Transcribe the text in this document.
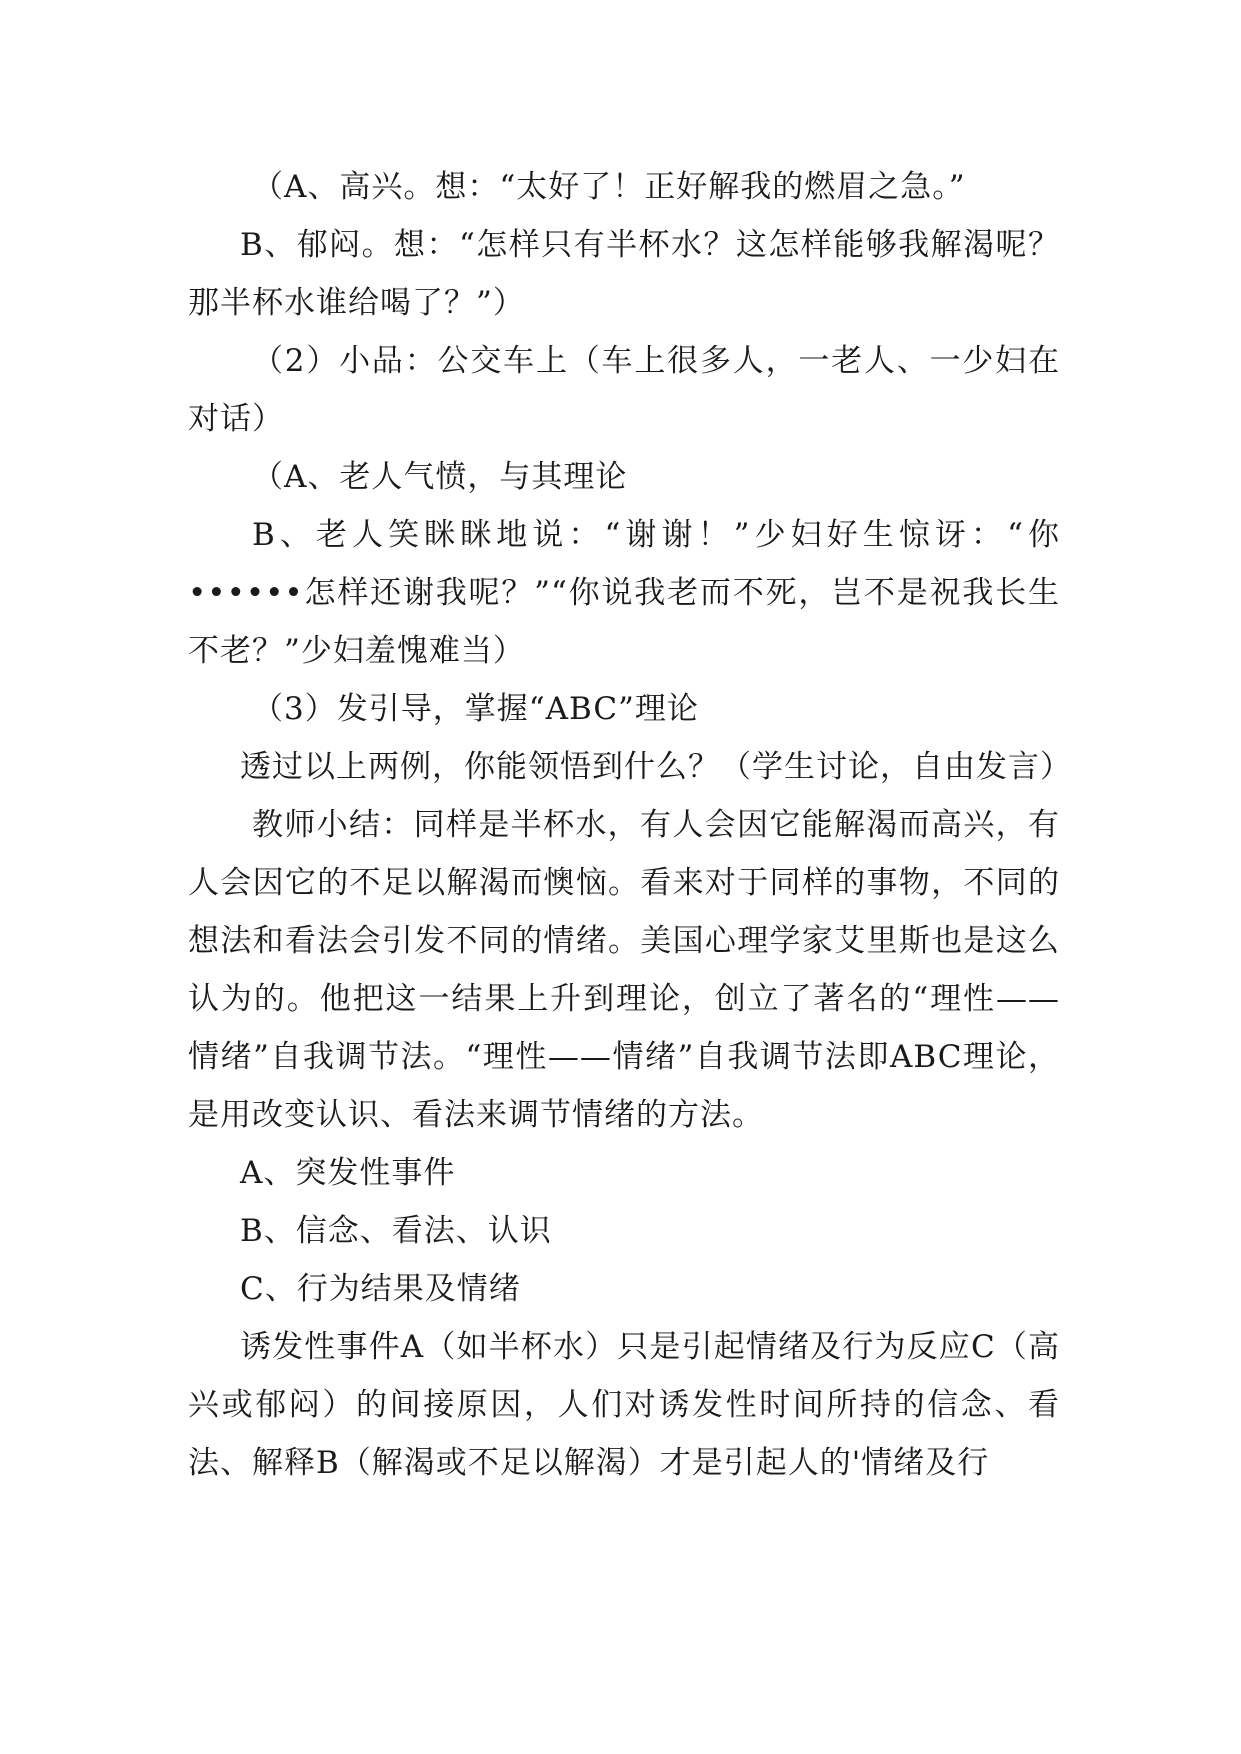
（A、高兴。想：“太好了！正好解我的燃眉之急。”

B、郁闷。想：“怎样只有半杯水？这怎样能够我解渴呢？那半杯水谁给喝了？”）

（2）小品：公交车上（车上很多人，一老人、一少妇在对话）

（A、老人气愤，与其理论

B、老人笑眯眯地说：“谢谢！”少妇好生惊讶：“你••••••怎样还谢我呢？”“你说我老而不死，岂不是祝我长生不老？”少妇羞愧难当）

（3）发引导，掌握“ABC”理论

透过以上两例，你能领悟到什么？（学生讨论，自由发言）

教师小结：同样是半杯水，有人会因它能解渴而高兴，有人会因它的不足以解渴而懊恼。看来对于同样的事物，不同的想法和看法会引发不同的情绪。美国心理学家艾里斯也是这么认为的。他把这一结果上升到理论，创立了著名的“理性——情绪”自我调节法。“理性——情绪”自我调节法即ABC理论，是用改变认识、看法来调节情绪的方法。

A、突发性事件

B、信念、看法、认识

C、行为结果及情绪

诱发性事件A（如半杯水）只是引起情绪及行为反应C（高兴或郁闷）的间接原因，人们对诱发性时间所持的信念、看法、解释B（解渴或不足以解渴）才是引起人的'情绪及行
